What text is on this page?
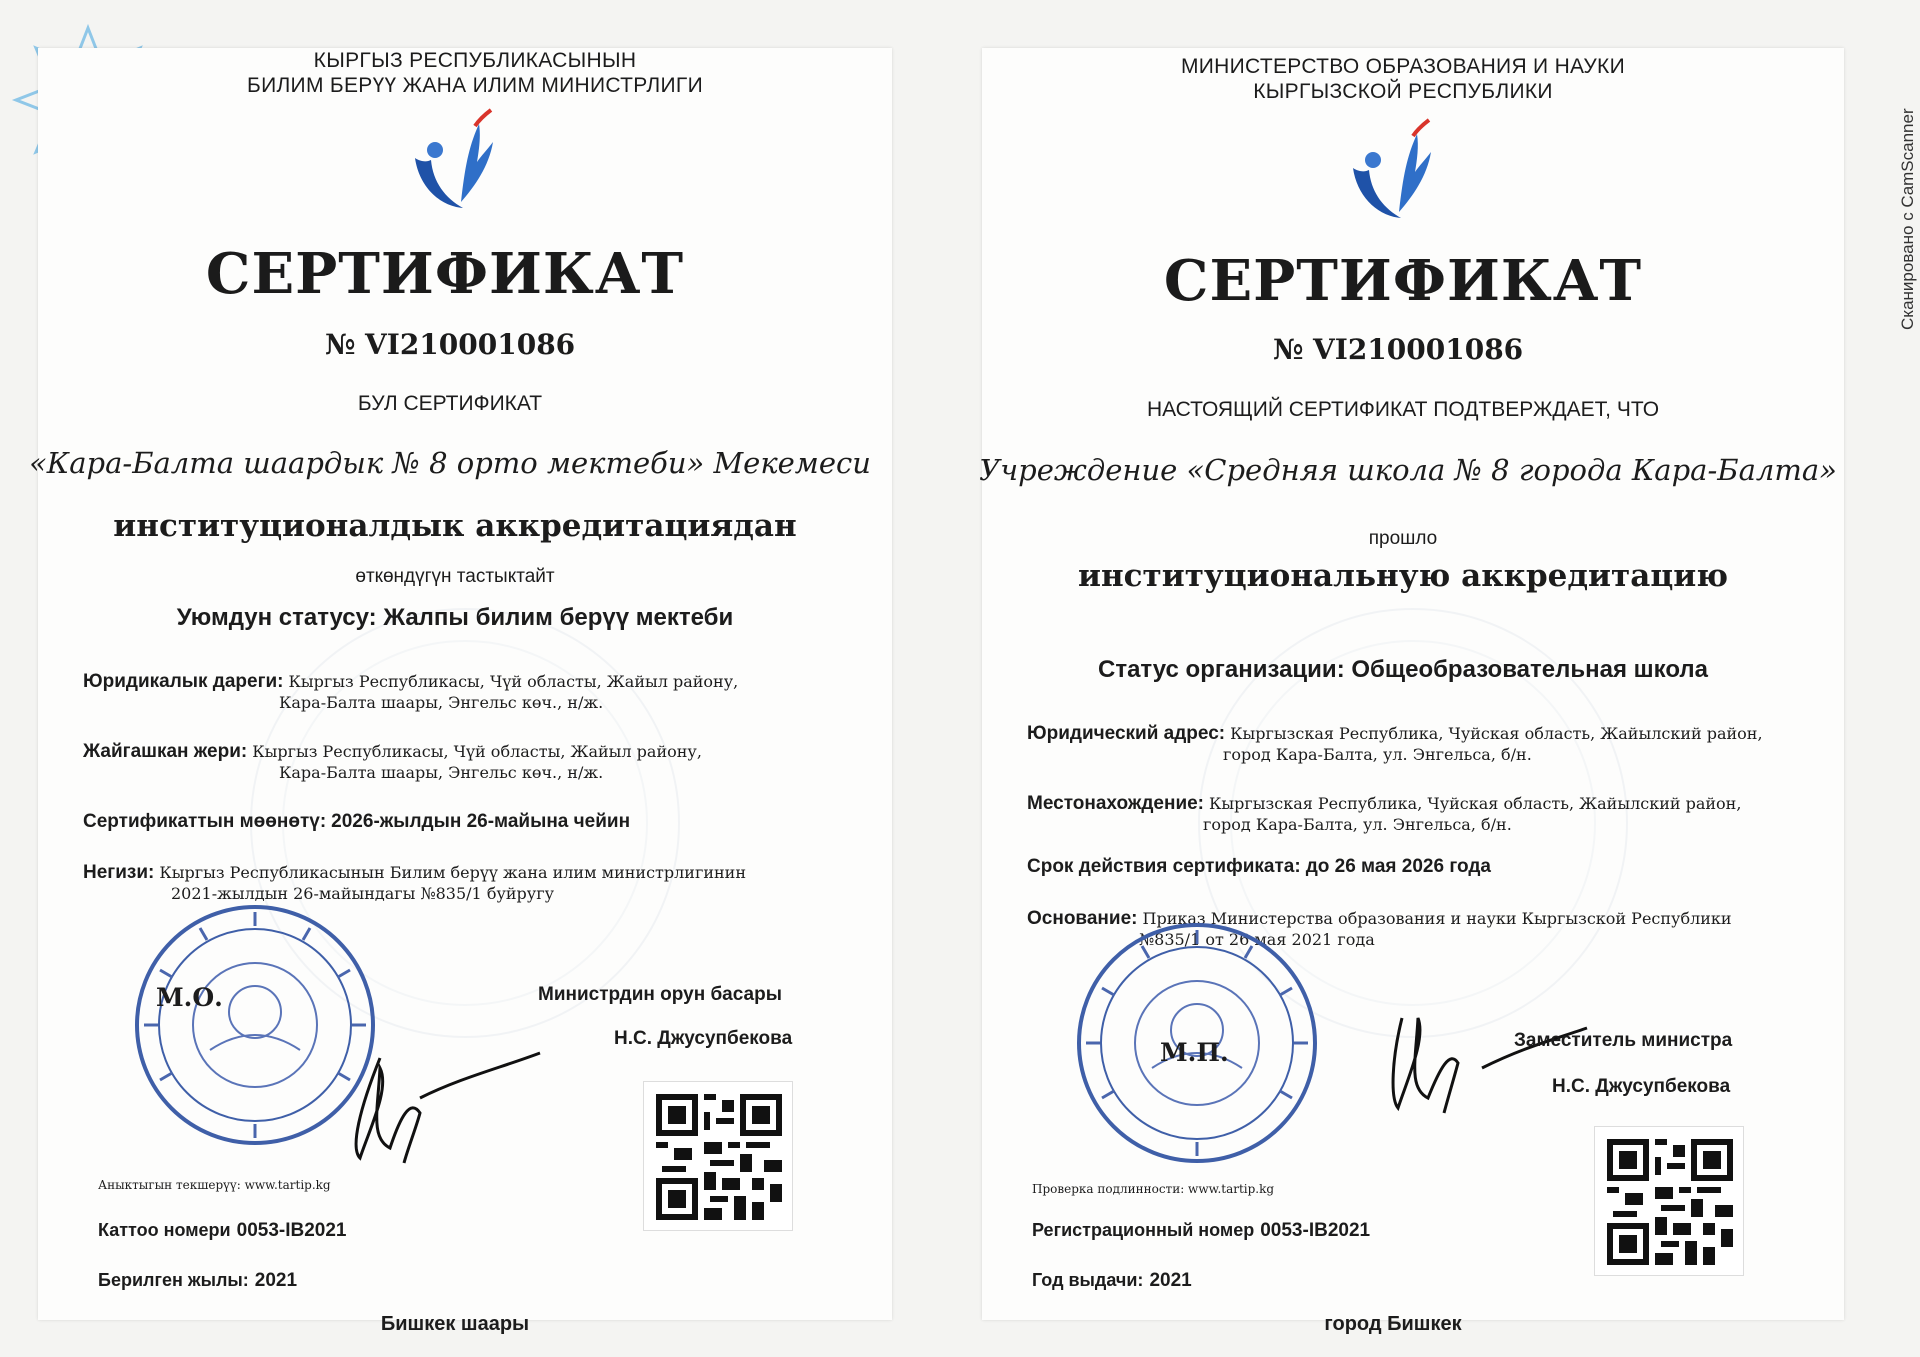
КЫРГЫЗ РЕСПУБЛИКАСЫНЫН
БИЛИМ БЕРҮҮ ЖАНА ИЛИМ МИНИСТРЛИГИ
СЕРТИФИКАТ
№ VI210001086
БУЛ СЕРТИФИКАТ
«Кара-Балта шаардык № 8 орто мектеби» Мекемеси
институционалдык аккредитациядан
өткөндүгүн тастыктайт
Уюмдун статусу: Жалпы билим берүү мектеби
Юридикалык дареги: Кыргыз Республикасы, Чүй областы, Жайыл району,
Кара-Балта шаары, Энгельс көч., н/ж.
Жайгашкан жери: Кыргыз Республикасы, Чүй областы, Жайыл району,
Кара-Балта шаары, Энгельс көч., н/ж.
Сертификаттын мөөнөтү: 2026-жылдын 26-майына чейин
Негизи: Кыргыз Республикасынын Билим берүү жана илим министрлигинин
2021-жылдын 26-майындагы №835/1 буйругу
М.О.	Министрдин орун басары
Н.С. Джусупбекова
Аныктыгын текшерүү: www.tartip.kg
Каттоо номери 0053-IB2021
Берилген жылы: 2021
Бишкек шаары
МИНИСТЕРСТВО ОБРАЗОВАНИЯ И НАУКИ
КЫРГЫЗСКОЙ РЕСПУБЛИКИ
СЕРТИФИКАТ
№ VI210001086
НАСТОЯЩИЙ СЕРТИФИКАТ ПОДТВЕРЖДАЕТ, ЧТО
Учреждение «Средняя школа № 8 города Кара-Балта»
прошло
институциональную аккредитацию
Статус организации: Общеобразовательная школа
Юридический адрес: Кыргызская Республика, Чуйская область, Жайылский район,
город Кара-Балта, ул. Энгельса, б/н.
Местонахождение: Кыргызская Республика, Чуйская область, Жайылский район,
город Кара-Балта, ул. Энгельса, б/н.
Срок действия сертификата: до 26 мая 2026 года
Основание: Приказ Министерства образования и науки Кыргызской Республики
№835/1 от 26 мая 2021 года
М.П.	Заместитель министра
Н.С. Джусупбекова
Проверка подлинности: www.tartip.kg
Регистрационный номер 0053-IB2021
Год выдачи: 2021
город Бишкек
Сканировано с CamScanner
